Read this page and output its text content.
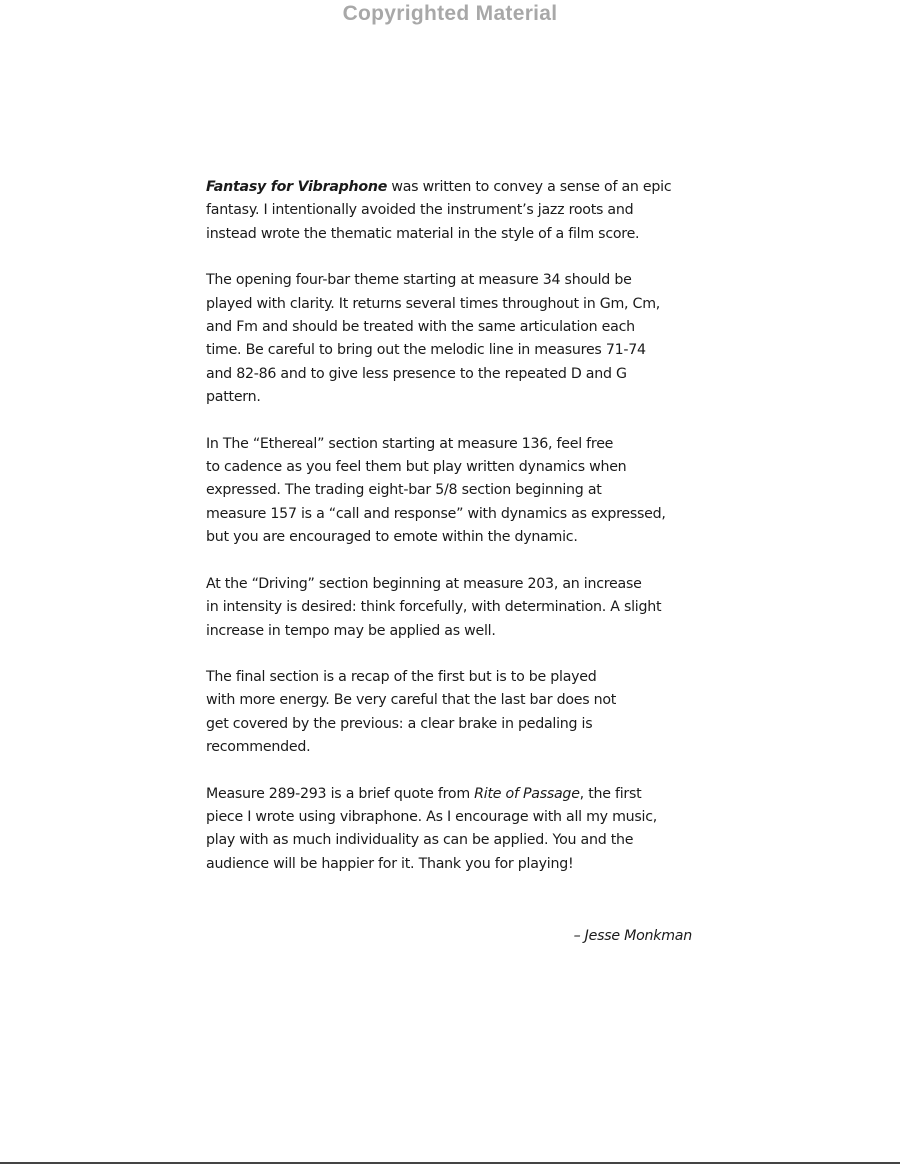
Copyrighted Material

Fantasy for Vibraphone was written to convey a sense of an epic
fantasy. I intentionally avoided the instrument’s jazz roots and
instead wrote the thematic material in the style of a film score.

The opening four-bar theme starting at measure 34 should be
played with clarity. It returns several times throughout in Gm, Cm,
and Fm and should be treated with the same articulation each
time. Be careful to bring out the melodic line in measures 71-74
and 82-86 and to give less presence to the repeated D and G
pattern.

In The “Ethereal” section starting at measure 136, feel free
to cadence as you feel them but play written dynamics when
expressed. The trading eight-bar 5/8 section beginning at
measure 157 is a “call and response” with dynamics as expressed,
but you are encouraged to emote within the dynamic.

At the “Driving” section beginning at measure 203, an increase
in intensity is desired: think forcefully, with determination. A slight
increase in tempo may be applied as well.

The final section is a recap of the first but is to be played
with more energy. Be very careful that the last bar does not
get covered by the previous: a clear brake in pedaling is
recommended.

Measure 289-293 is a brief quote from Rite of Passage, the first
piece I wrote using vibraphone. As I encourage with all my music,
play with as much individuality as can be applied. You and the
audience will be happier for it. Thank you for playing!

– Jesse Monkman
